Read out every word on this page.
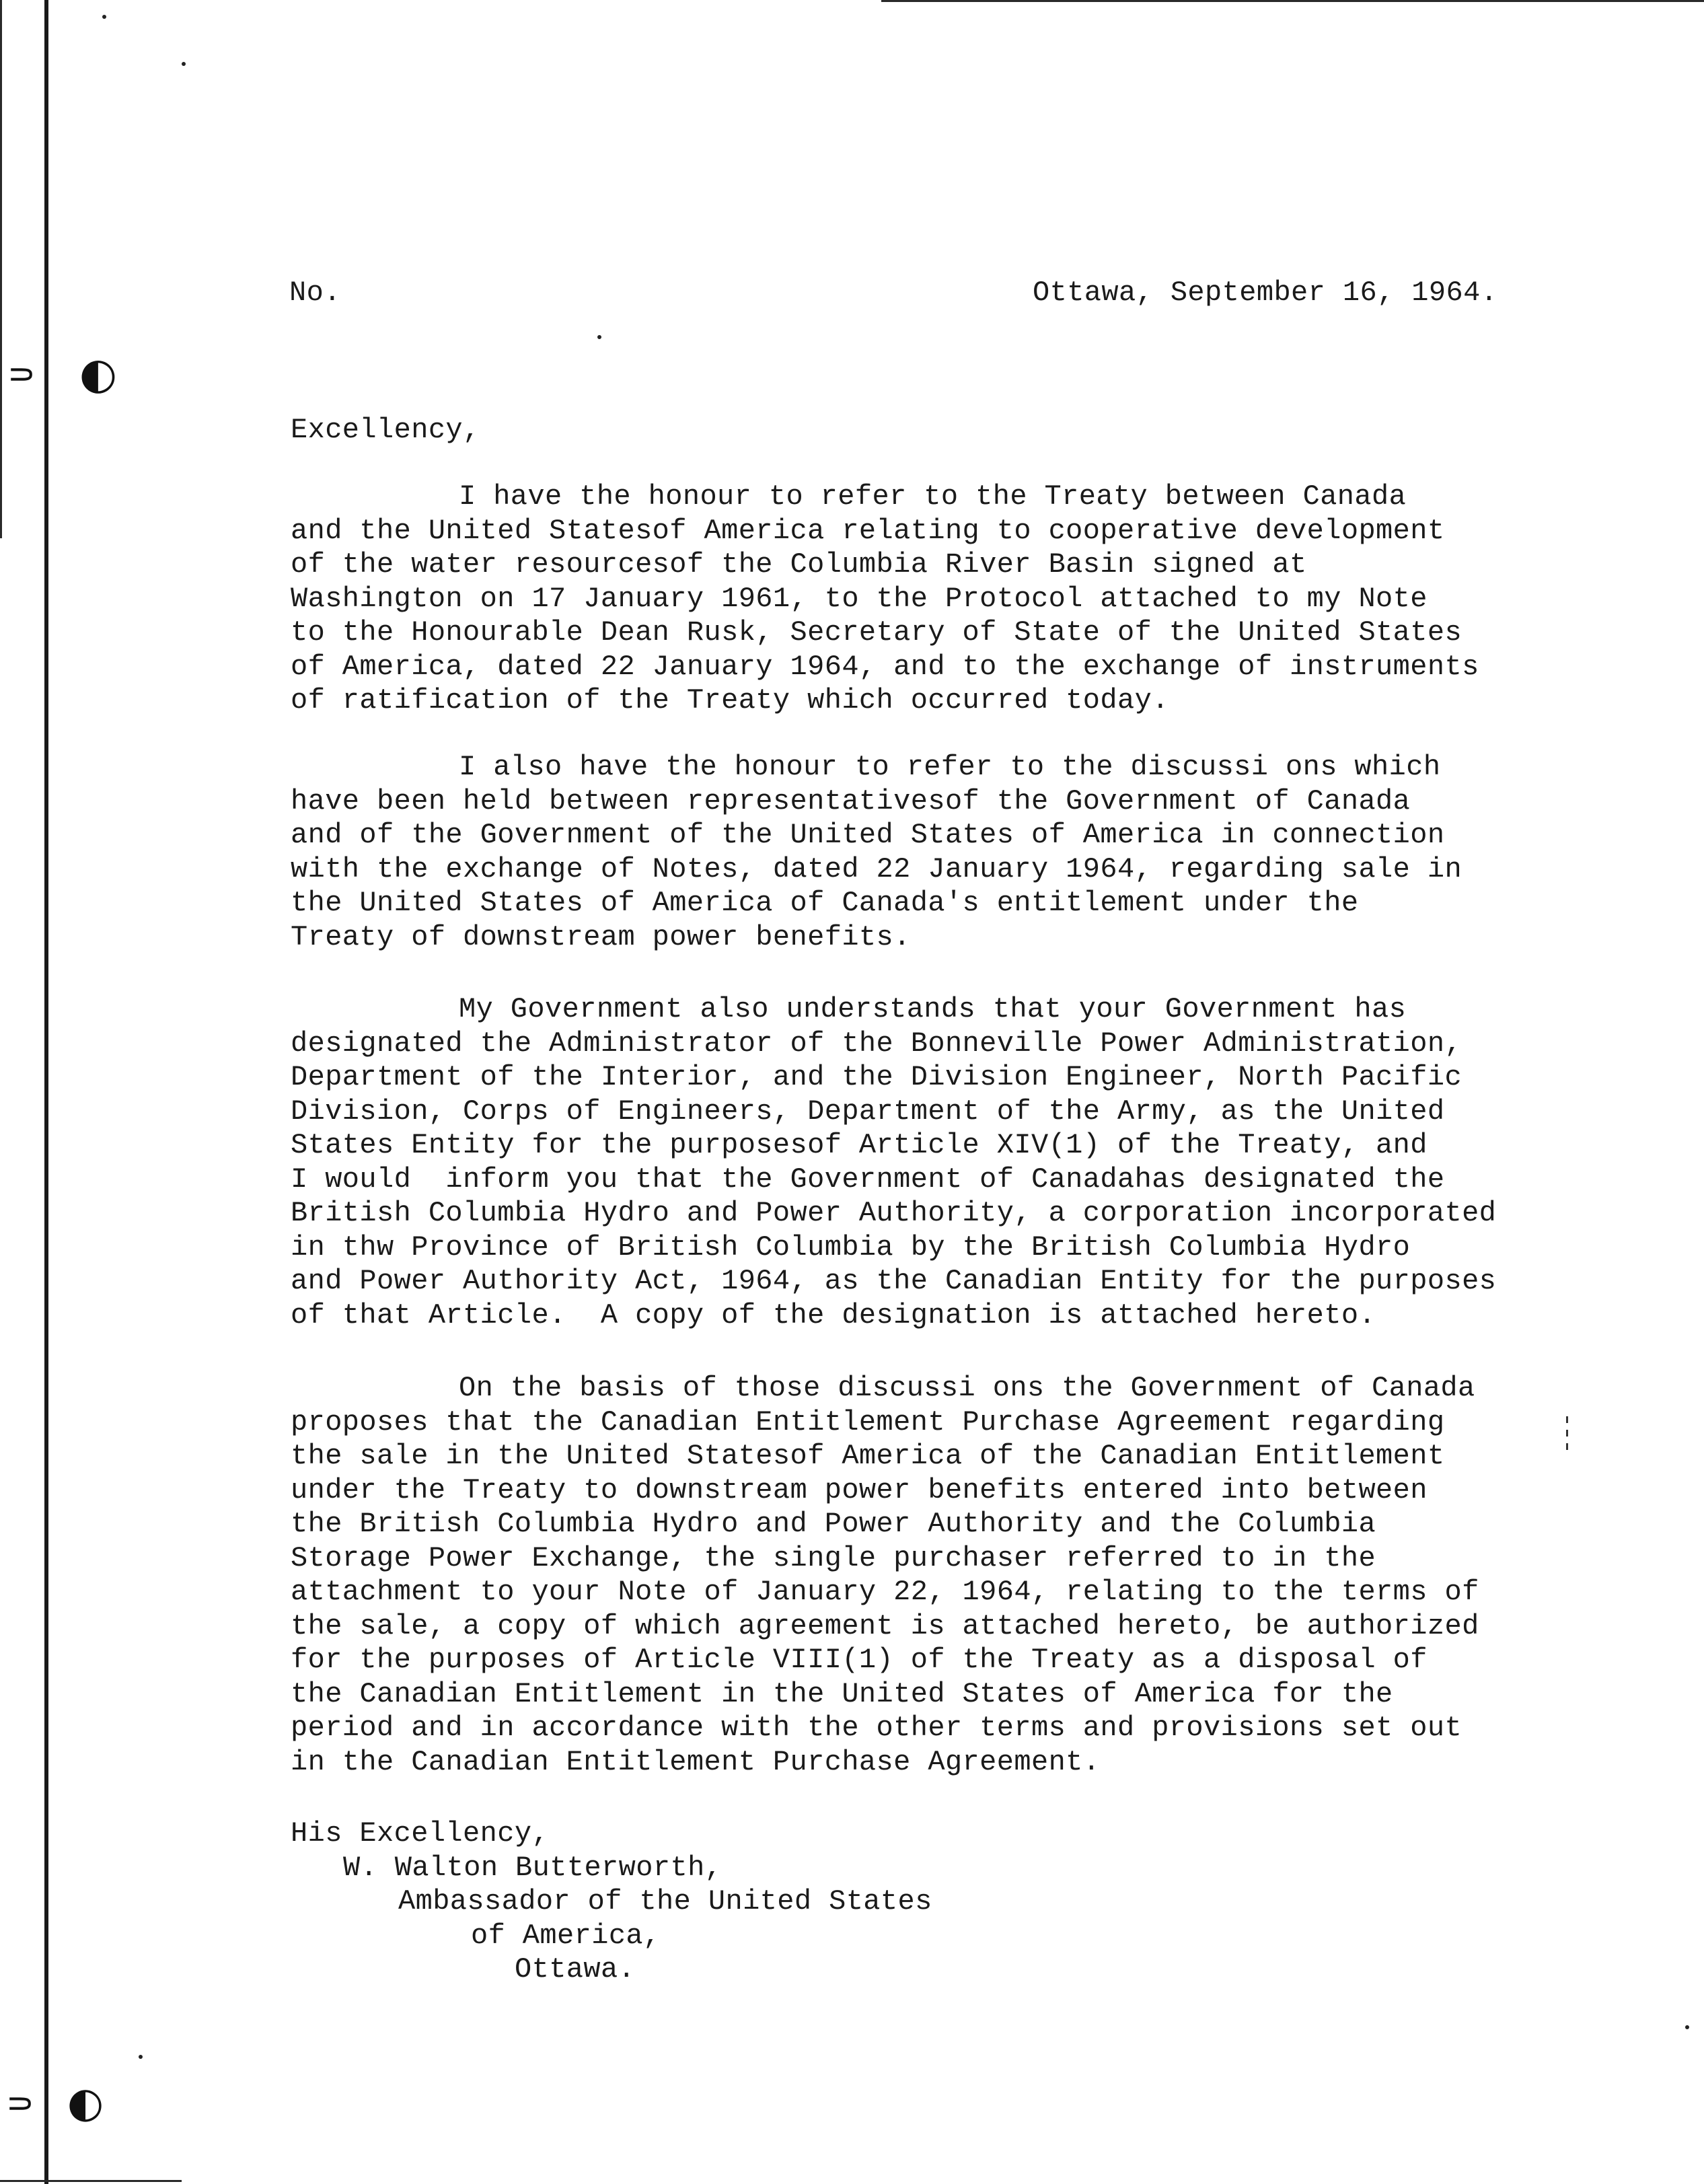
⸧ ◐
⸧ ◐
No.	Ottawa, September 16, 1964.
Excellency,
I have the honour to refer to the Treaty between Canada
and the United Statesof America relating to cooperative development
of the water resourcesof the Columbia River Basin signed at
Washington on 17 January 1961, to the Protocol attached to my Note
to the Honourable Dean Rusk, Secretary of State of the United States
of America, dated 22 January 1964, and to the exchange of instruments
of ratification of the Treaty which occurred today.
I also have the honour to refer to the discussi ons which
have been held between representativesof the Government of Canada
and of the Government of the United States of America in connection
with the exchange of Notes, dated 22 January 1964, regarding sale in
the United States of America of Canada's entitlement under the
Treaty of downstream power benefits.
My Government also understands that your Government has
designated the Administrator of the Bonneville Power Administration,
Department of the Interior, and the Division Engineer, North Pacific
Division, Corps of Engineers, Department of the Army, as the United
States Entity for the purposesof Article XIV(1) of the Treaty, and
I would  inform you that the Government of Canadahas designated the
British Columbia Hydro and Power Authority, a corporation incorporated
in thw Province of British Columbia by the British Columbia Hydro
and Power Authority Act, 1964, as the Canadian Entity for the purposes
of that Article.  A copy of the designation is attached hereto.
On the basis of those discussi ons the Government of Canada
proposes that the Canadian Entitlement Purchase Agreement regarding
the sale in the United Statesof America of the Canadian Entitlement
under the Treaty to downstream power benefits entered into between
the British Columbia Hydro and Power Authority and the Columbia
Storage Power Exchange, the single purchaser referred to in the
attachment to your Note of January 22, 1964, relating to the terms of
the sale, a copy of which agreement is attached hereto, be authorized
for the purposes of Article VIII(1) of the Treaty as a disposal of
the Canadian Entitlement in the United States of America for the
period and in accordance with the other terms and provisions set out
in the Canadian Entitlement Purchase Agreement.
His Excellency,
W. Walton Butterworth,
Ambassador of the United States
of America,
Ottawa.
